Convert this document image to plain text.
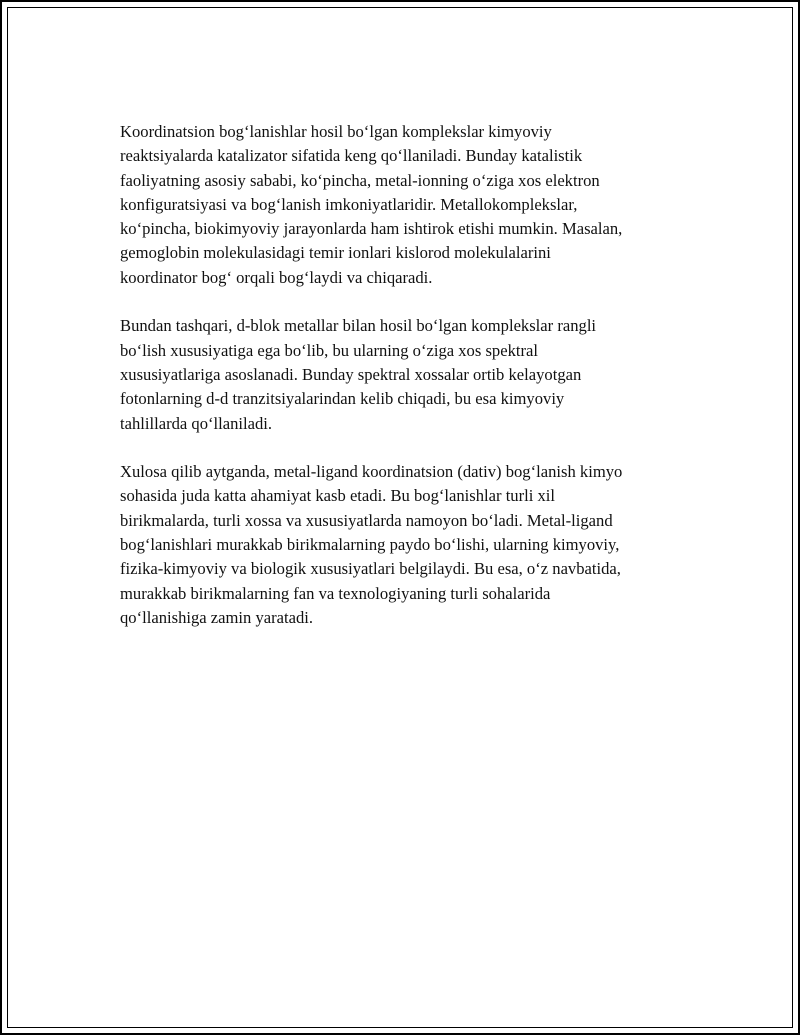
Koordinatsion bog‘lanishlar hosil bo‘lgan komplekslar kimyoviy
reaktsiyalarda katalizator sifatida keng qo‘llaniladi. Bunday katalistik
faoliyatning asosiy sababi, ko‘pincha, metal-ionning o‘ziga xos elektron
konfiguratsiyasi va bog‘lanish imkoniyatlaridir. Metallokomplekslar,
ko‘pincha, biokimyoviy jarayonlarda ham ishtirok etishi mumkin. Masalan,
gemoglobin molekulasidagi temir ionlari kislorod molekulalarini
koordinator bog‘ orqali bog‘laydi va chiqaradi.

Bundan tashqari, d-blok metallar bilan hosil bo‘lgan komplekslar rangli
bo‘lish xususiyatiga ega bo‘lib, bu ularning o‘ziga xos spektral
xususiyatlariga asoslanadi. Bunday spektral xossalar ortib kelayotgan
fotonlarning d-d tranzitsiyalarindan kelib chiqadi, bu esa kimyoviy
tahlillarda qo‘llaniladi.

Xulosa qilib aytganda, metal-ligand koordinatsion (dativ) bog‘lanish kimyo
sohasida juda katta ahamiyat kasb etadi. Bu bog‘lanishlar turli xil
birikmalarda, turli xossa va xususiyatlarda namoyon bo‘ladi. Metal-ligand
bog‘lanishlari murakkab birikmalarning paydo bo‘lishi, ularning kimyoviy,
fizika-kimyoviy va biologik xususiyatlari belgilaydi. Bu esa, o‘z navbatida,
murakkab birikmalarning fan va texnologiyaning turli sohalarida
qo‘llanishiga zamin yaratadi.
